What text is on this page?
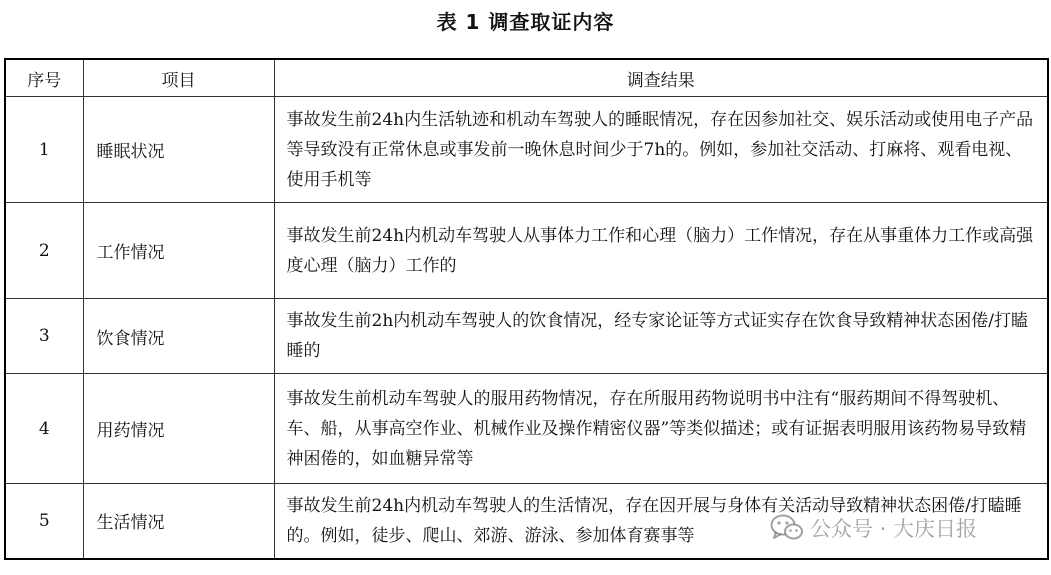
表 1 调查取证内容
序号	项目	调查结果
1	睡眠状况	事故发生前24h内生活轨迹和机动车驾驶人的睡眠情况，存在因参加社交、娱乐活动或使用电子产品等导致没有正常休息或事发前一晚休息时间少于7h的。例如，参加社交活动、打麻将、观看电视、使用手机等
2	工作情况	事故发生前24h内机动车驾驶人从事体力工作和心理（脑力）工作情况，存在从事重体力工作或高强度心理（脑力）工作的
3	饮食情况	事故发生前2h内机动车驾驶人的饮食情况，经专家论证等方式证实存在饮食导致精神状态困倦/打瞌睡的
4	用药情况	事故发生前机动车驾驶人的服用药物情况，存在所服用药物说明书中注有“服药期间不得驾驶机、车、船，从事高空作业、机械作业及操作精密仪器”等类似描述；或有证据表明服用该药物易导致精神困倦的，如血糖异常等
5	生活情况	事故发生前24h内机动车驾驶人的生活情况，存在因开展与身体有关活动导致精神状态困倦/打瞌睡的。例如，徒步、爬山、郊游、游泳、参加体育赛事等	公众号 · 大庆日报
